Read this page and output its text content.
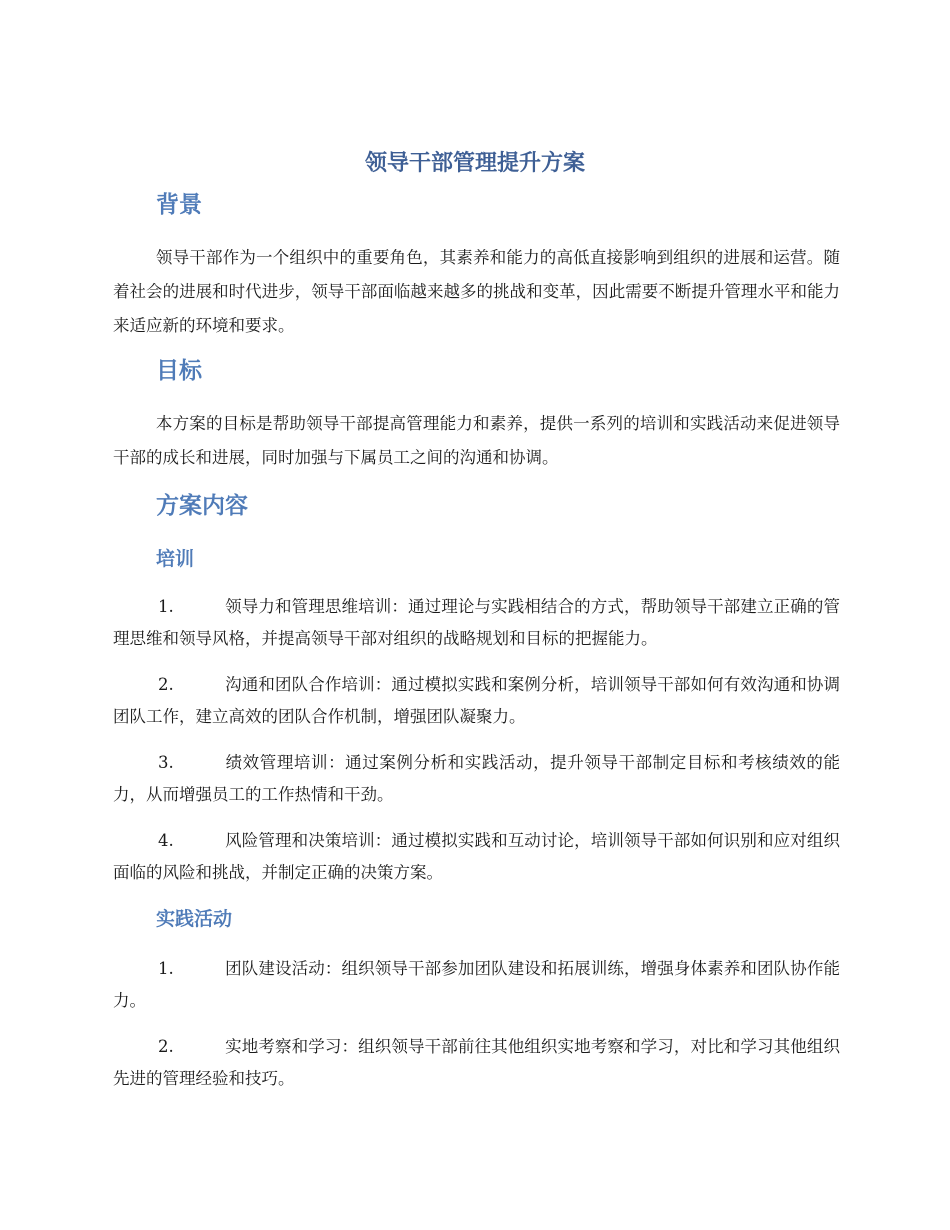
领导干部管理提升方案
背景

领导干部作为一个组织中的重要角色，其素养和能力的高低直接影响到组织的进展和运营。随着社会的进展和时代进步，领导干部面临越来越多的挑战和变革，因此需要不断提升管理水平和能力来适应新的环境和要求。

目标

本方案的目标是帮助领导干部提高管理能力和素养，提供一系列的培训和实践活动来促进领导干部的成长和进展，同时加强与下属员工之间的沟通和协调。

方案内容
培训

1.	领导力和管理思维培训：通过理论与实践相结合的方式，帮助领导干部建立正确的管理思维和领导风格，并提高领导干部对组织的战略规划和目标的把握能力。

2.	沟通和团队合作培训：通过模拟实践和案例分析，培训领导干部如何有效沟通和协调团队工作，建立高效的团队合作机制，增强团队凝聚力。

3.	绩效管理培训：通过案例分析和实践活动，提升领导干部制定目标和考核绩效的能力，从而增强员工的工作热情和干劲。

4.	风险管理和决策培训：通过模拟实践和互动讨论，培训领导干部如何识别和应对组织面临的风险和挑战，并制定正确的决策方案。

实践活动

1.	团队建设活动：组织领导干部参加团队建设和拓展训练，增强身体素养和团队协作能力。

2.	实地考察和学习：组织领导干部前往其他组织实地考察和学习，对比和学习其他组织先进的管理经验和技巧。
